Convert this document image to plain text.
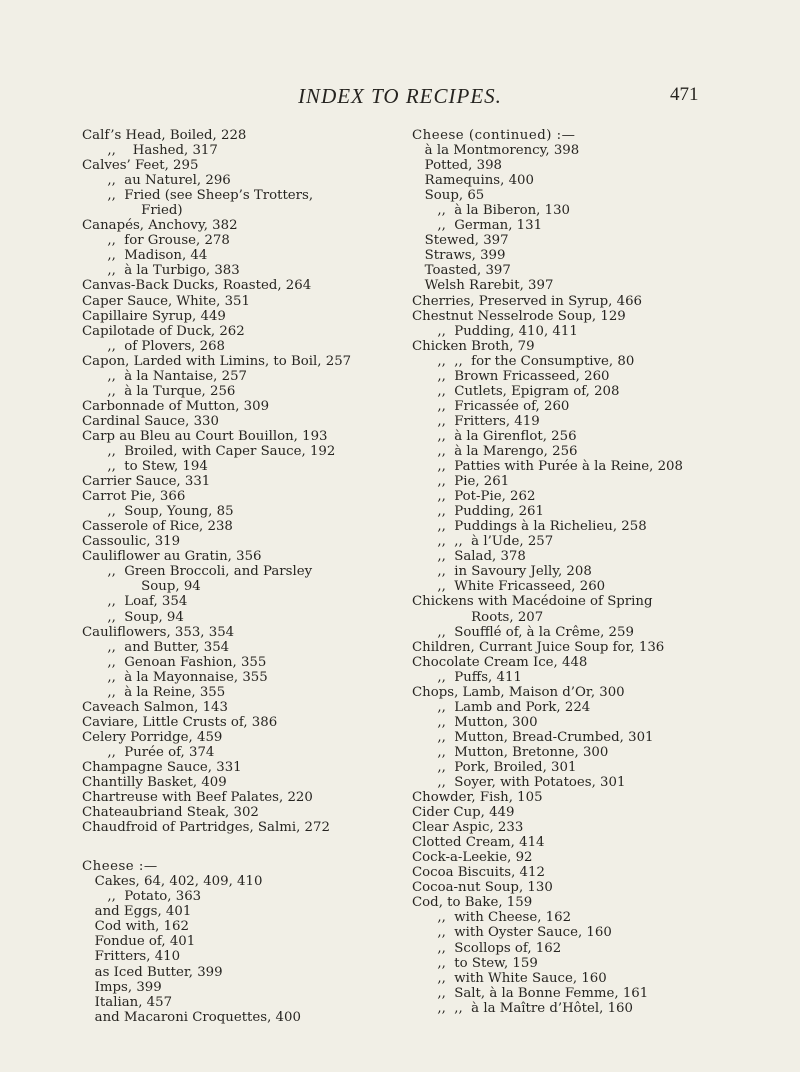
INDEX TO RECIPES.	471
Calf’s Head, Boiled, 228
,,    Hashed, 317
Calves’ Feet, 295
,,  au Naturel, 296
,,  Fried (see Sheep’s Trotters,
Fried)
Canapés, Anchovy, 382
,,  for Grouse, 278
,,  Madison, 44
,,  à la Turbigo, 383
Canvas-Back Ducks, Roasted, 264
Caper Sauce, White, 351
Capillaire Syrup, 449
Capilotade of Duck, 262
,,  of Plovers, 268
Capon, Larded with Limins, to Boil, 257
,,  à la Nantaise, 257
,,  à la Turque, 256
Carbonnade of Mutton, 309
Cardinal Sauce, 330
Carp au Bleu au Court Bouillon, 193
,,  Broiled, with Caper Sauce, 192
,,  to Stew, 194
Carrier Sauce, 331
Carrot Pie, 366
,,  Soup, Young, 85
Casserole of Rice, 238
Cassoulic, 319
Cauliflower au Gratin, 356
,,  Green Broccoli, and Parsley
Soup, 94
,,  Loaf, 354
,,  Soup, 94
Cauliflowers, 353, 354
,,  and Butter, 354
,,  Genoan Fashion, 355
,,  à la Mayonnaise, 355
,,  à la Reine, 355
Caveach Salmon, 143
Caviare, Little Crusts of, 386
Celery Porridge, 459
,,  Purée of, 374
Champagne Sauce, 331
Chantilly Basket, 409
Chartreuse with Beef Palates, 220
Chateaubriand Steak, 302
Chaudfroid of Partridges, Salmi, 272
Cheese :—
Cakes, 64, 402, 409, 410
,,  Potato, 363
and Eggs, 401
Cod with, 162
Fondue of, 401
Fritters, 410
as Iced Butter, 399
Imps, 399
Italian, 457
and Macaroni Croquettes, 400
Cheese (continued) :—
à la Montmorency, 398
Potted, 398
Ramequins, 400
Soup, 65
,,  à la Biberon, 130
,,  German, 131
Stewed, 397
Straws, 399
Toasted, 397
Welsh Rarebit, 397
Cherries, Preserved in Syrup, 466
Chestnut Nesselrode Soup, 129
,,  Pudding, 410, 411
Chicken Broth, 79
,,  ,,  for the Consumptive, 80
,,  Brown Fricasseed, 260
,,  Cutlets, Epigram of, 208
,,  Fricassée of, 260
,,  Fritters, 419
,,  à la Girenflot, 256
,,  à la Marengo, 256
,,  Patties with Purée à la Reine, 208
,,  Pie, 261
,,  Pot-Pie, 262
,,  Pudding, 261
,,  Puddings à la Richelieu, 258
,,  ,,  à l’Ude, 257
,,  Salad, 378
,,  in Savoury Jelly, 208
,,  White Fricasseed, 260
Chickens with Macédoine of Spring
Roots, 207
,,  Soufflé of, à la Crême, 259
Children, Currant Juice Soup for, 136
Chocolate Cream Ice, 448
,,  Puffs, 411
Chops, Lamb, Maison d’Or, 300
,,  Lamb and Pork, 224
,,  Mutton, 300
,,  Mutton, Bread-Crumbed, 301
,,  Mutton, Bretonne, 300
,,  Pork, Broiled, 301
,,  Soyer, with Potatoes, 301
Chowder, Fish, 105
Cider Cup, 449
Clear Aspic, 233
Clotted Cream, 414
Cock-a-Leekie, 92
Cocoa Biscuits, 412
Cocoa-nut Soup, 130
Cod, to Bake, 159
,,  with Cheese, 162
,,  with Oyster Sauce, 160
,,  Scollops of, 162
,,  to Stew, 159
,,  with White Sauce, 160
,,  Salt, à la Bonne Femme, 161
,,  ,,  à la Maître d’Hôtel, 160
